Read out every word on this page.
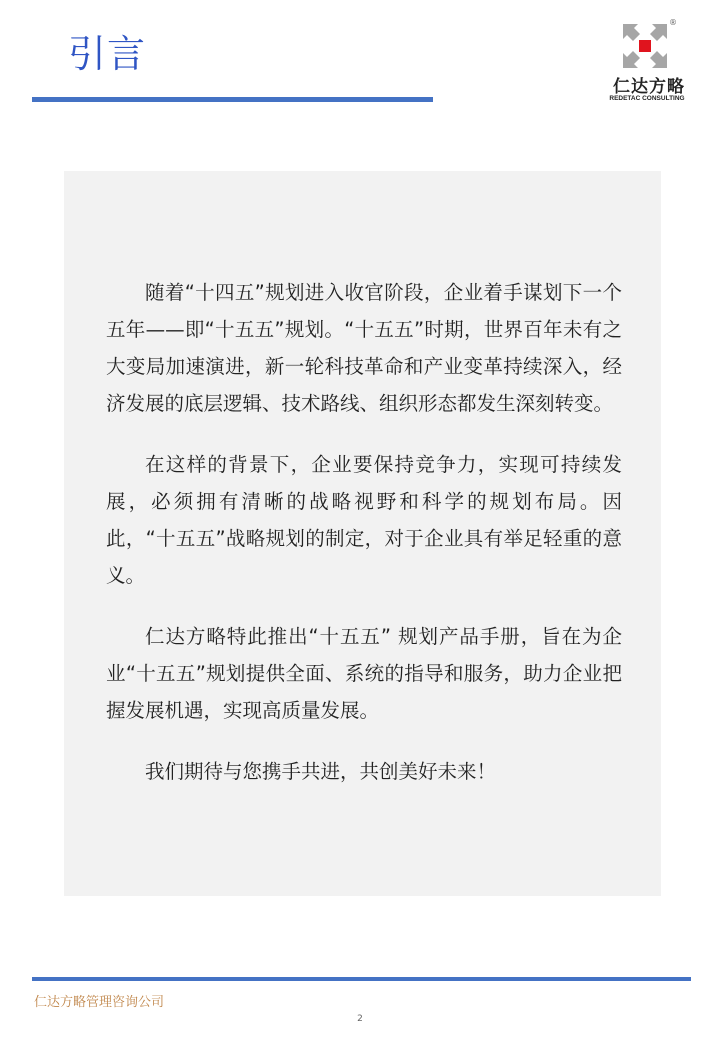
引言
®
仁达方略
REDETAC CONSULTING

随着“十四五”规划进入收官阶段，企业着手谋划下一个五年——即“十五五”规划。“十五五”时期，世界百年未有之大变局加速演进，新一轮科技革命和产业变革持续深入，经济发展的底层逻辑、技术路线、组织形态都发生深刻转变。

在这样的背景下，企业要保持竞争力，实现可持续发展，必须拥有清晰的战略视野和科学的规划布局。因此，“十五五”战略规划的制定，对于企业具有举足轻重的意义。

仁达方略特此推出“十五五” 规划产品手册，旨在为企业“十五五”规划提供全面、系统的指导和服务，助力企业把握发展机遇，实现高质量发展。

我们期待与您携手共进，共创美好未来！

仁达方略管理咨询公司
2
